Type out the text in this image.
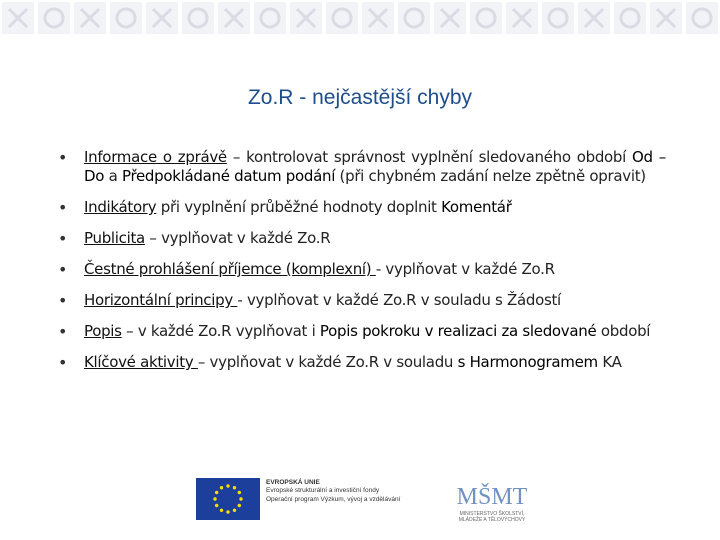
Zo.R - nejčastější chyby
• Informace o zprávě – kontrolovat správnost vyplnění sledovaného období Od – Do a Předpokládané datum podání (při chybném zadání nelze zpětně opravit)
• Indikátory při vyplnění průběžné hodnoty doplnit Komentář
• Publicita – vyplňovat v každé Zo.R
• Čestné prohlášení příjemce (komplexní) - vyplňovat v každé Zo.R
• Horizontální principy - vyplňovat v každé Zo.R v souladu s Žádostí
• Popis – v každé Zo.R vyplňovat i Popis pokroku v realizaci za sledované období
• Klíčové aktivity – vyplňovat v každé Zo.R v souladu s Harmonogramem KA
EVROPSKÁ UNIE
Evropské strukturální a investiční fondy
Operační program Výzkum, vývoj a vzdělávání	MŠMT
MINISTERSTVO ŠKOLSTVÍ, MLÁDEŽE A TĚLOVÝCHOVY
